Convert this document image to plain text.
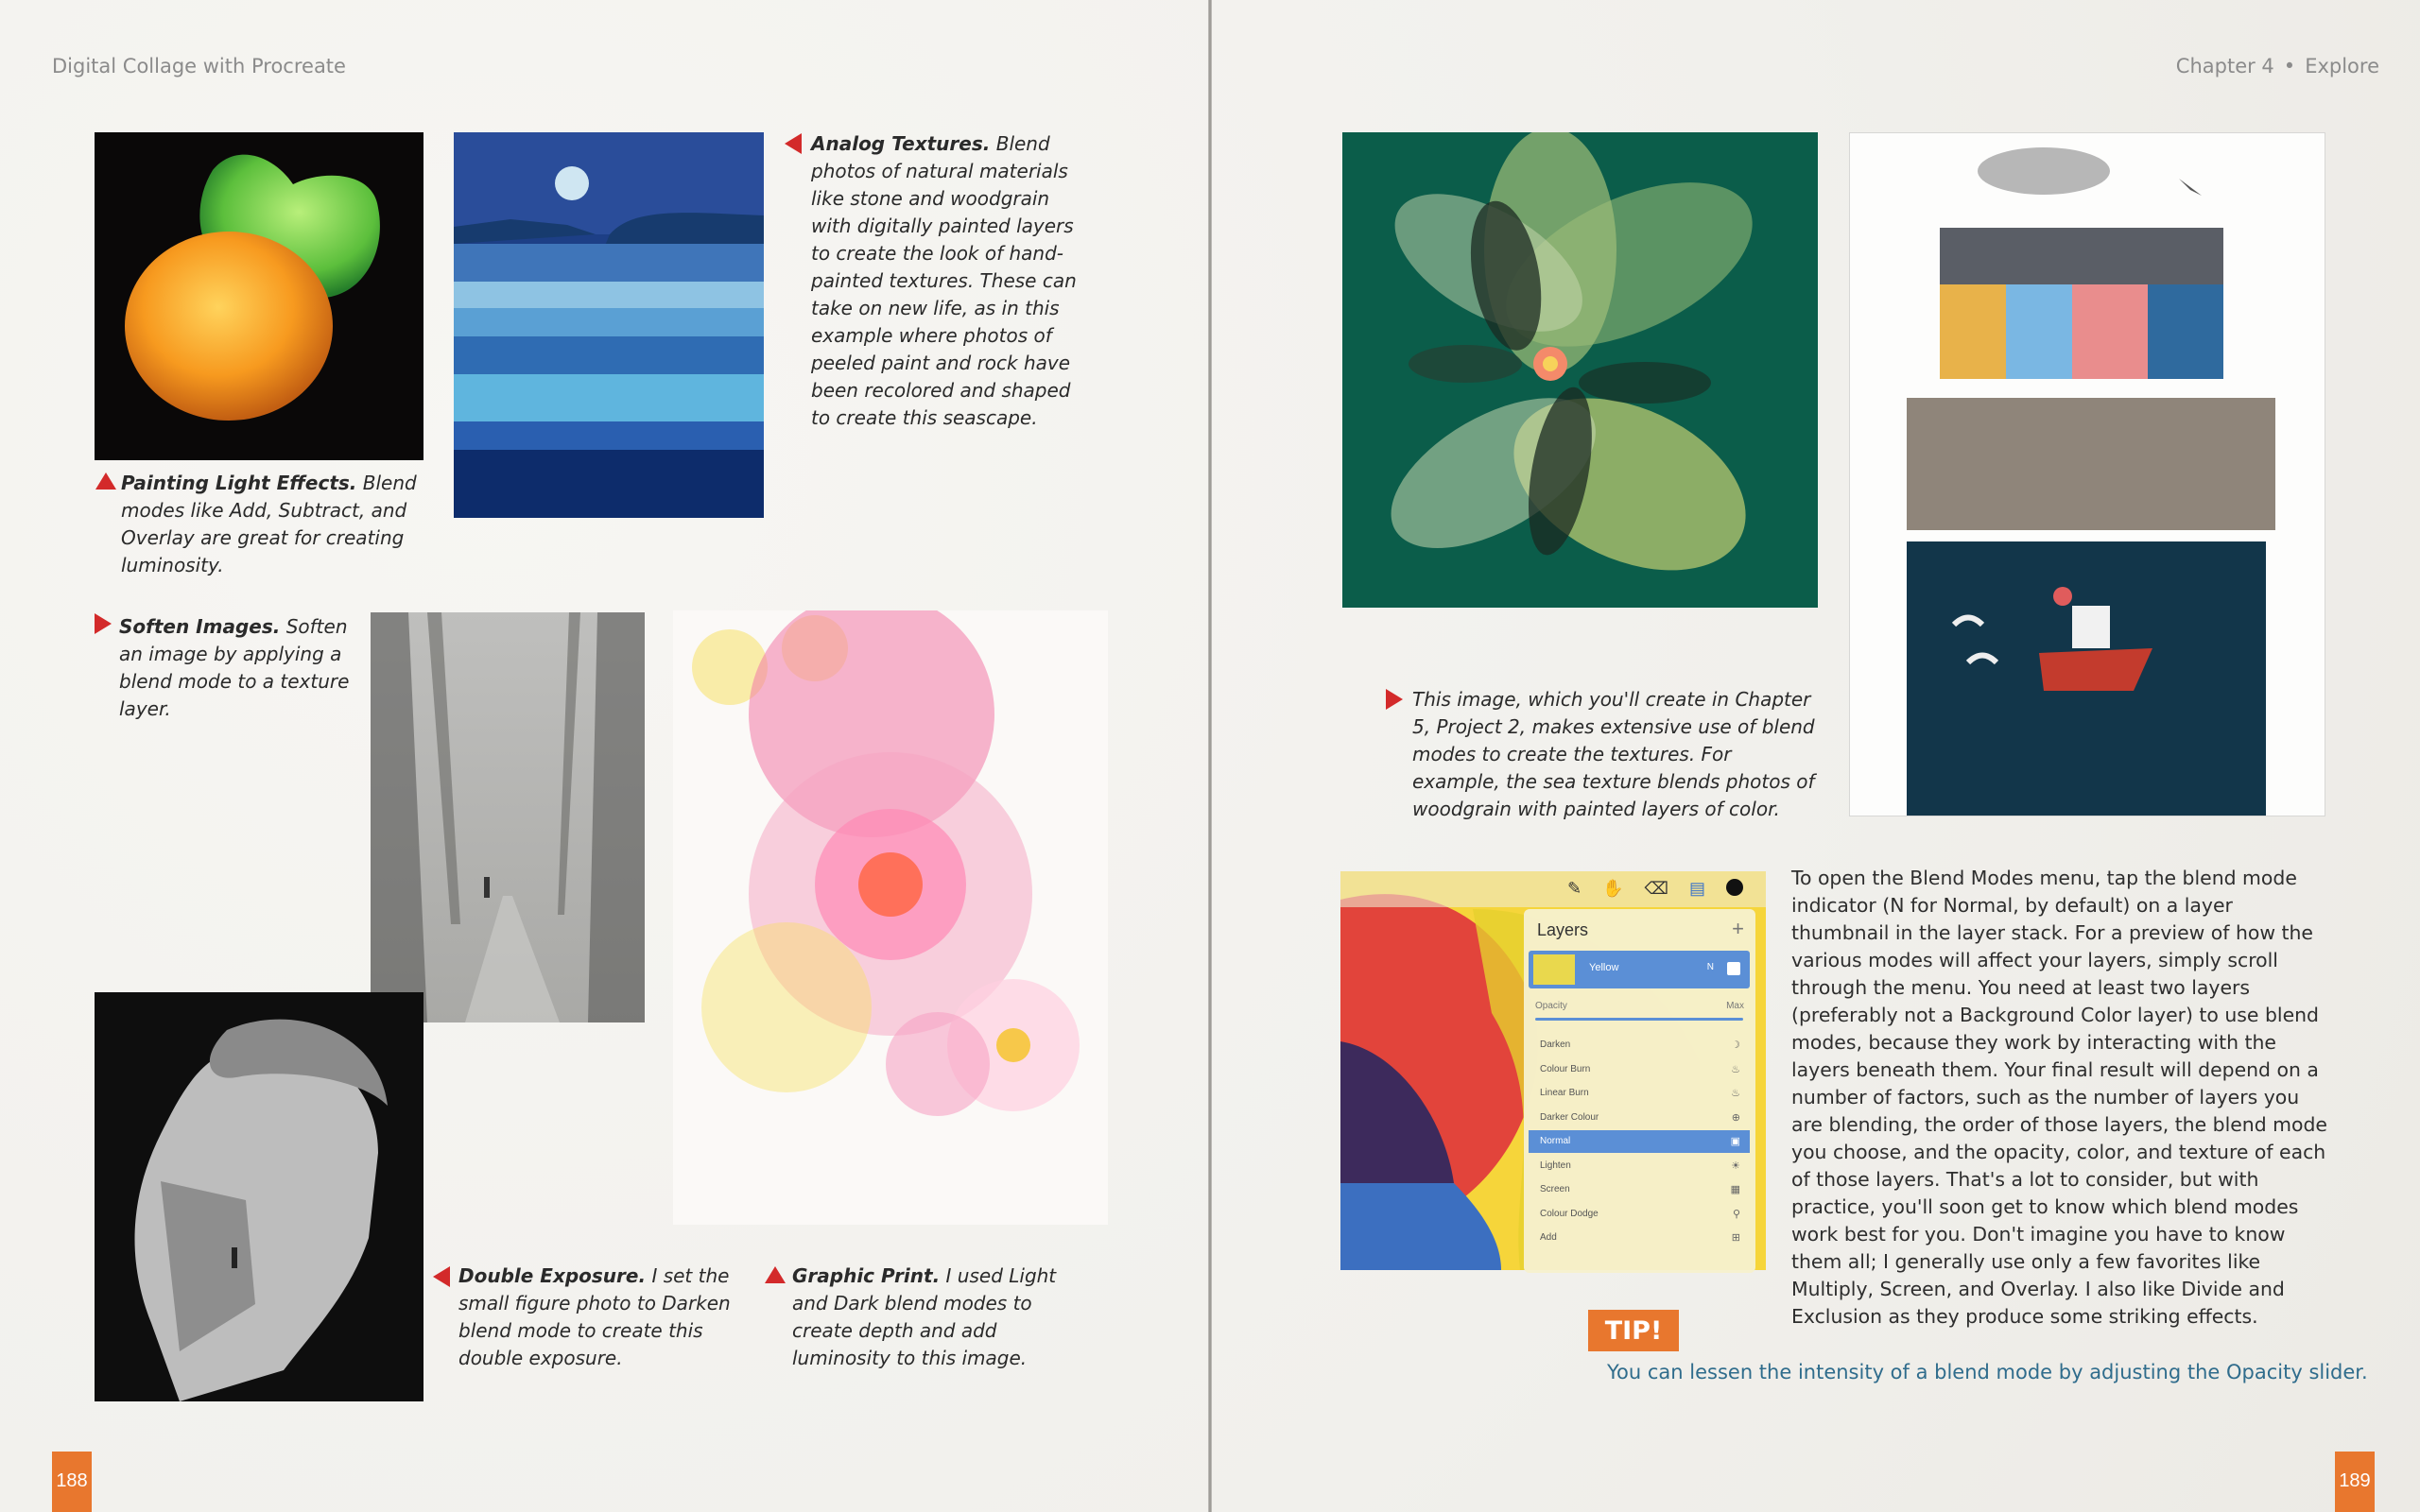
Digital Collage with Procreate	Chapter 4 • Explore
188	189
Painting Light Effects. Blend modes like Add, Subtract, and Overlay are great for creating luminosity.
Analog Textures. Blend photos of natural materials like stone and woodgrain with digitally painted layers to create the look of hand-painted textures. These can take on new life, as in this example where photos of peeled paint and rock have been recolored and shaped to create this seascape.
Soften Images. Soften an image by applying a blend mode to a texture layer.
Double Exposure. I set the small figure photo to Darken blend mode to create this double exposure.
Graphic Print. I used Light and Dark blend modes to create depth and add luminosity to this image.
This image, which you'll create in Chapter 5, Project 2, makes extensive use of blend modes to create the textures. For example, the sea texture blends photos of woodgrain with painted layers of color.
✎ ✋ ⌫ ▤
Layers	+
Yellow	N
Opacity	Max
Darken	☽
Colour Burn	♨
Linear Burn	♨
Darker Colour	⊕
Normal	▣
Lighten	☀
Screen	▦
Colour Dodge	⚲
Add	⊞
To open the Blend Modes menu, tap the blend mode indicator (N for Normal, by default) on a layer thumbnail in the layer stack. For a preview of how the various modes will affect your layers, simply scroll through the menu. You need at least two layers (preferably not a Background Color layer) to use blend modes, because they work by interacting with the layers beneath them. Your final result will depend on a number of factors, such as the number of layers you are blending, the order of those layers, the blend mode you choose, and the opacity, color, and texture of each of those layers. That's a lot to consider, but with practice, you'll soon get to know which blend modes work best for you. Don't imagine you have to know them all; I generally use only a few favorites like Multiply, Screen, and Overlay. I also like Divide and Exclusion as they produce some striking effects.
TIP!
You can lessen the intensity of a blend mode by adjusting the Opacity slider.
